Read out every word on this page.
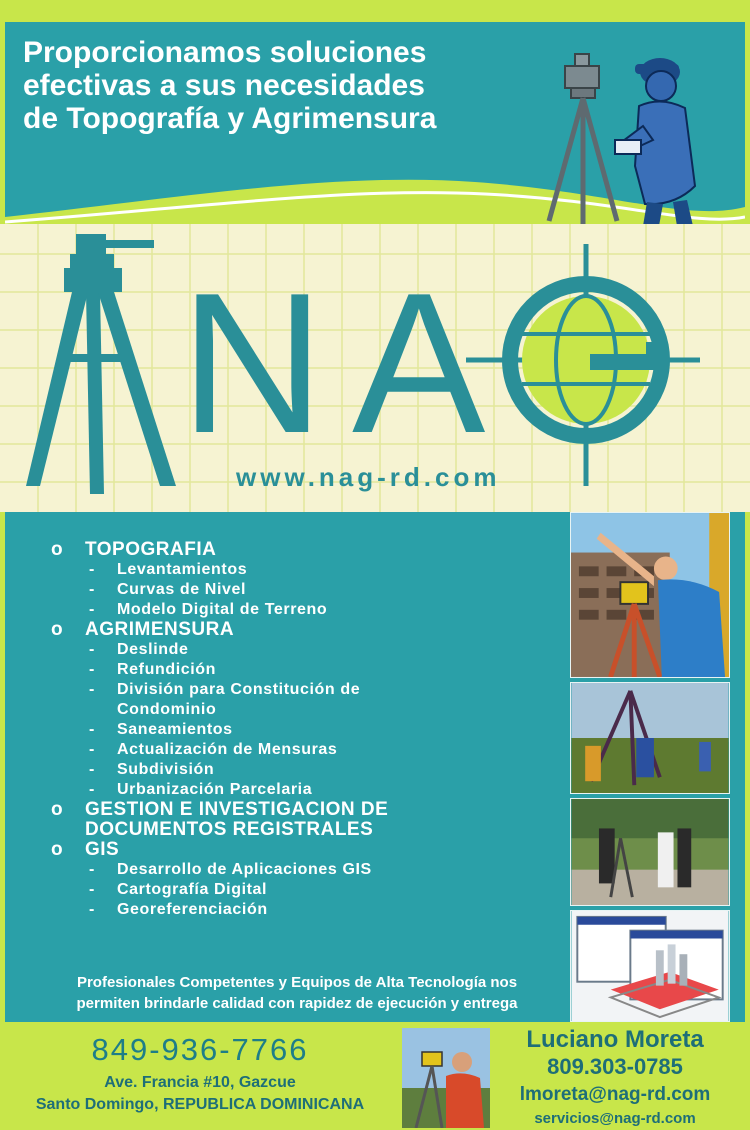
Proporcionamos soluciones
efectivas a sus necesidades
de Topografía y Agrimensura
N A
www.nag-rd.com
o TOPOGRAFIA
- Levantamientos
- Curvas de Nivel
- Modelo Digital de Terreno
o AGRIMENSURA
- Deslinde
- Refundición
- División para Constitución de
Condominio
- Saneamientos
- Actualización de Mensuras
- Subdivisión
- Urbanización Parcelaria
o GESTION E INVESTIGACION DE
DOCUMENTOS REGISTRALES
o GIS
- Desarrollo de Aplicaciones GIS
- Cartografía Digital
- Georeferenciación
Profesionales Competentes y Equipos de Alta Tecnología nos
permiten brindarle calidad con rapidez de ejecución y entrega
849-936-7766
Ave. Francia #10, Gazcue
Santo Domingo, REPUBLICA DOMINICANA
Luciano Moreta
809.303-0785
lmoreta@nag-rd.com
servicios@nag-rd.com
